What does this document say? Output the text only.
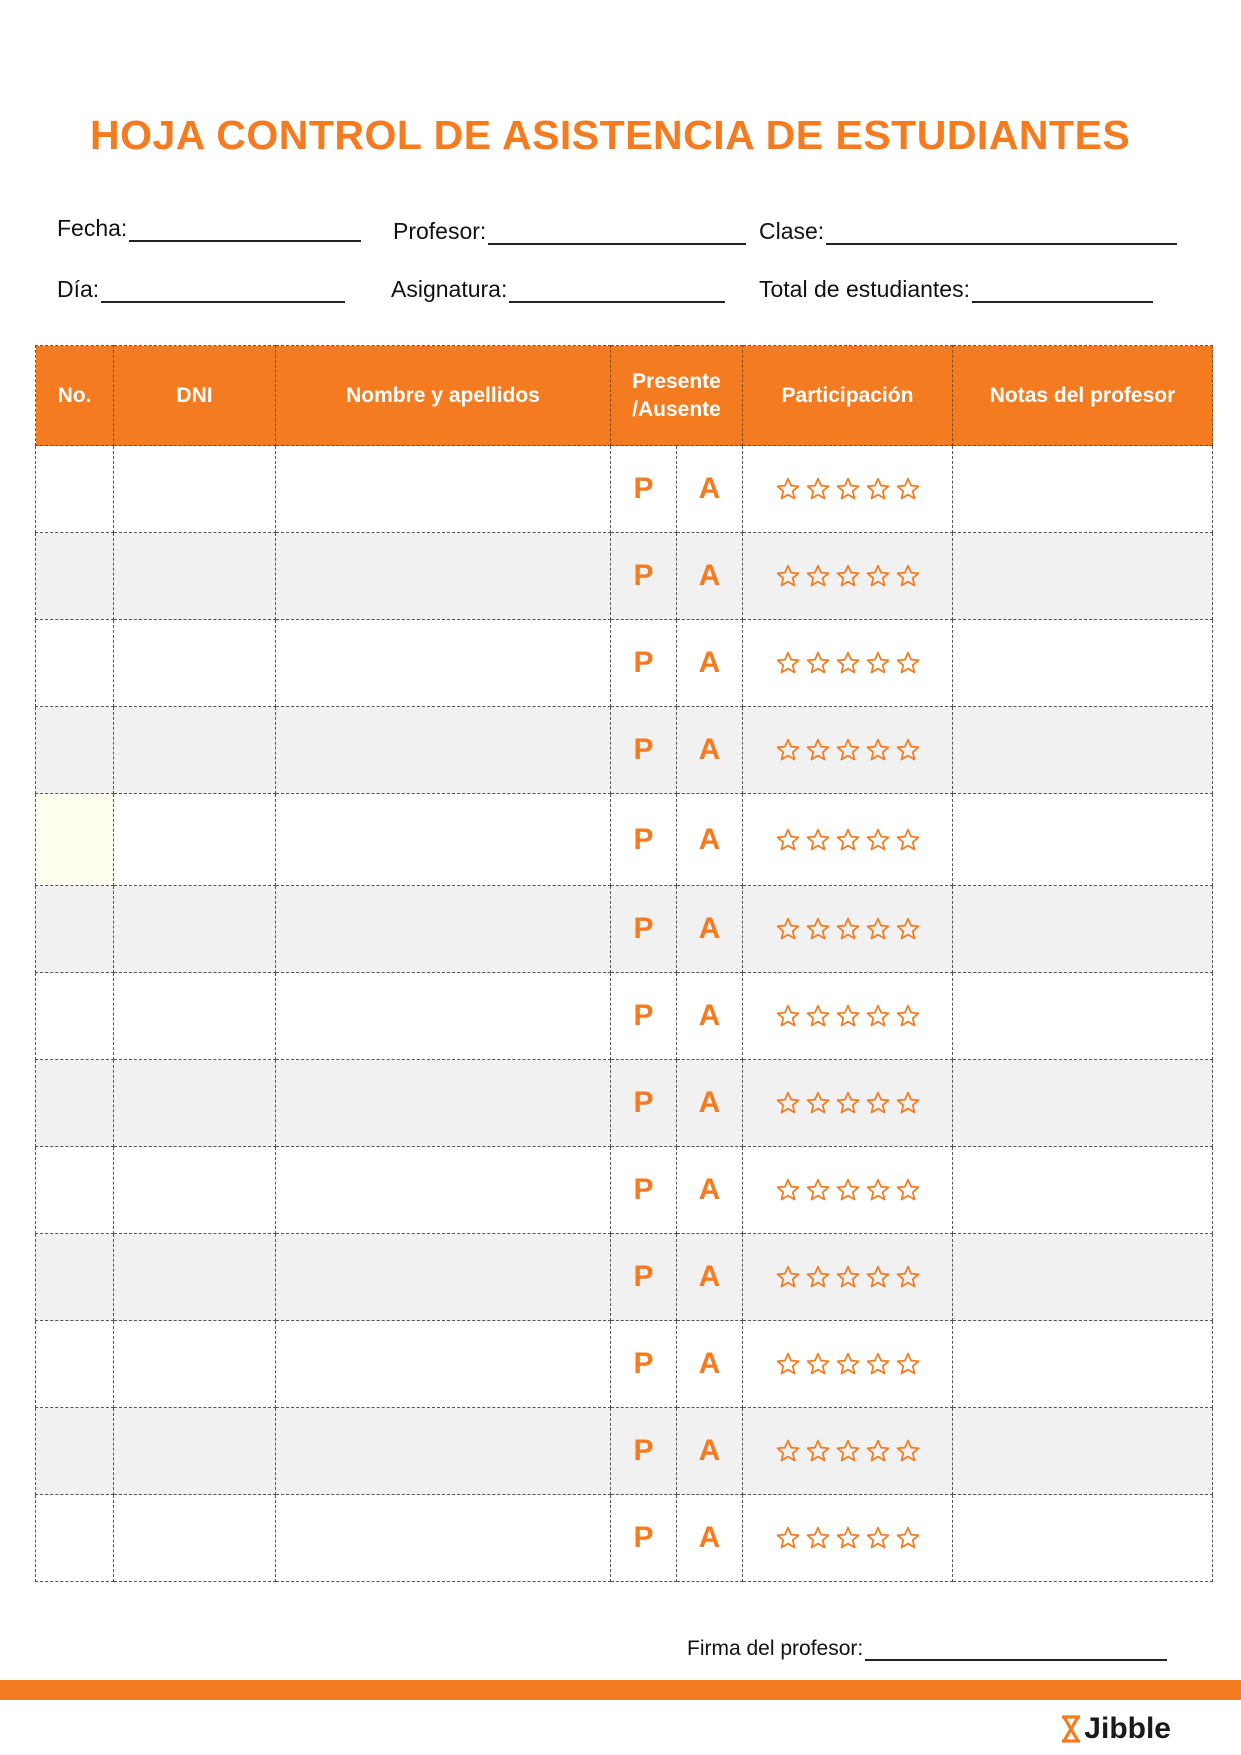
HOJA CONTROL DE ASISTENCIA DE ESTUDIANTES
Fecha:	Profesor:	Clase:
Día:	Asignatura:	Total de estudiantes:
No.	DNI	Nombre y apellidos	Presente /Ausente		Participación	Notas del profesor
			P	A		
			P	A		
			P	A		
			P	A		
			P	A		
			P	A		
			P	A		
			P	A		
			P	A		
			P	A		
			P	A		
			P	A		
			P	A		
Firma del profesor:
Jibble
